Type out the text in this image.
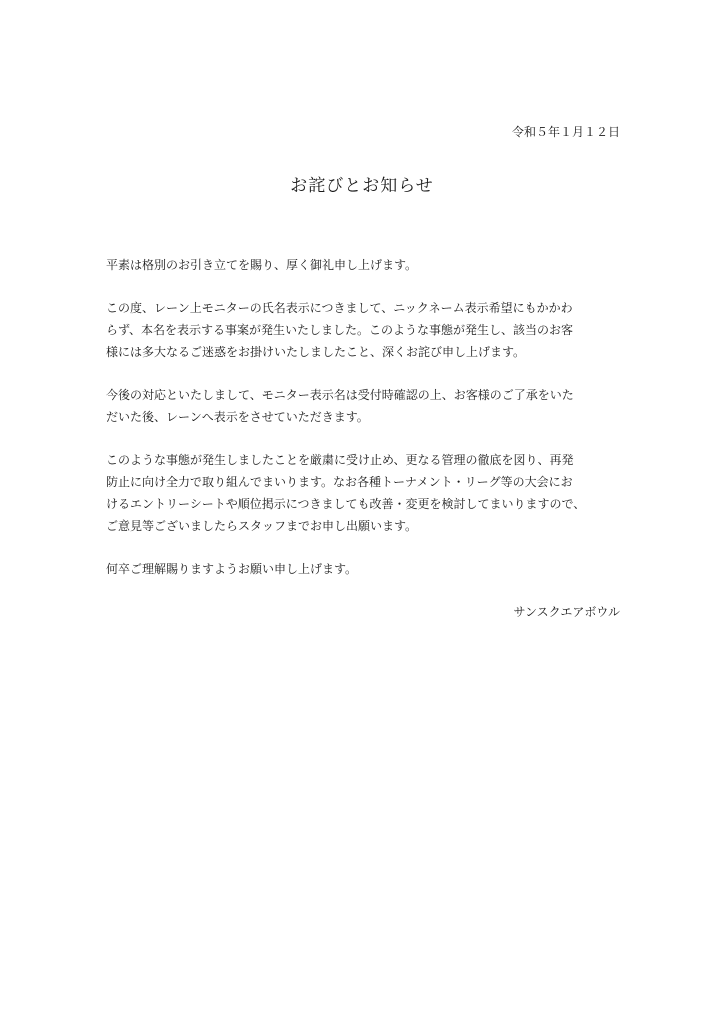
令和５年１月１２日
お詫びとお知らせ

平素は格別のお引き立てを賜り、厚く御礼申し上げます。

この度、レーン上モニターの氏名表示につきまして、ニックネーム表示希望にもかかわ
らず、本名を表示する事案が発生いたしました。このような事態が発生し、該当のお客
様には多大なるご迷惑をお掛けいたしましたこと、深くお詫び申し上げます。

今後の対応といたしまして、モニター表示名は受付時確認の上、お客様のご了承をいた
だいた後、レーンへ表示をさせていただきます。

このような事態が発生しましたことを厳粛に受け止め、更なる管理の徹底を図り、再発
防止に向け全力で取り組んでまいります。なお各種トーナメント・リーグ等の大会にお
けるエントリーシートや順位掲示につきましても改善・変更を検討してまいりますので、
ご意見等ございましたらスタッフまでお申し出願います。

何卒ご理解賜りますようお願い申し上げます。

サンスクエアボウル
